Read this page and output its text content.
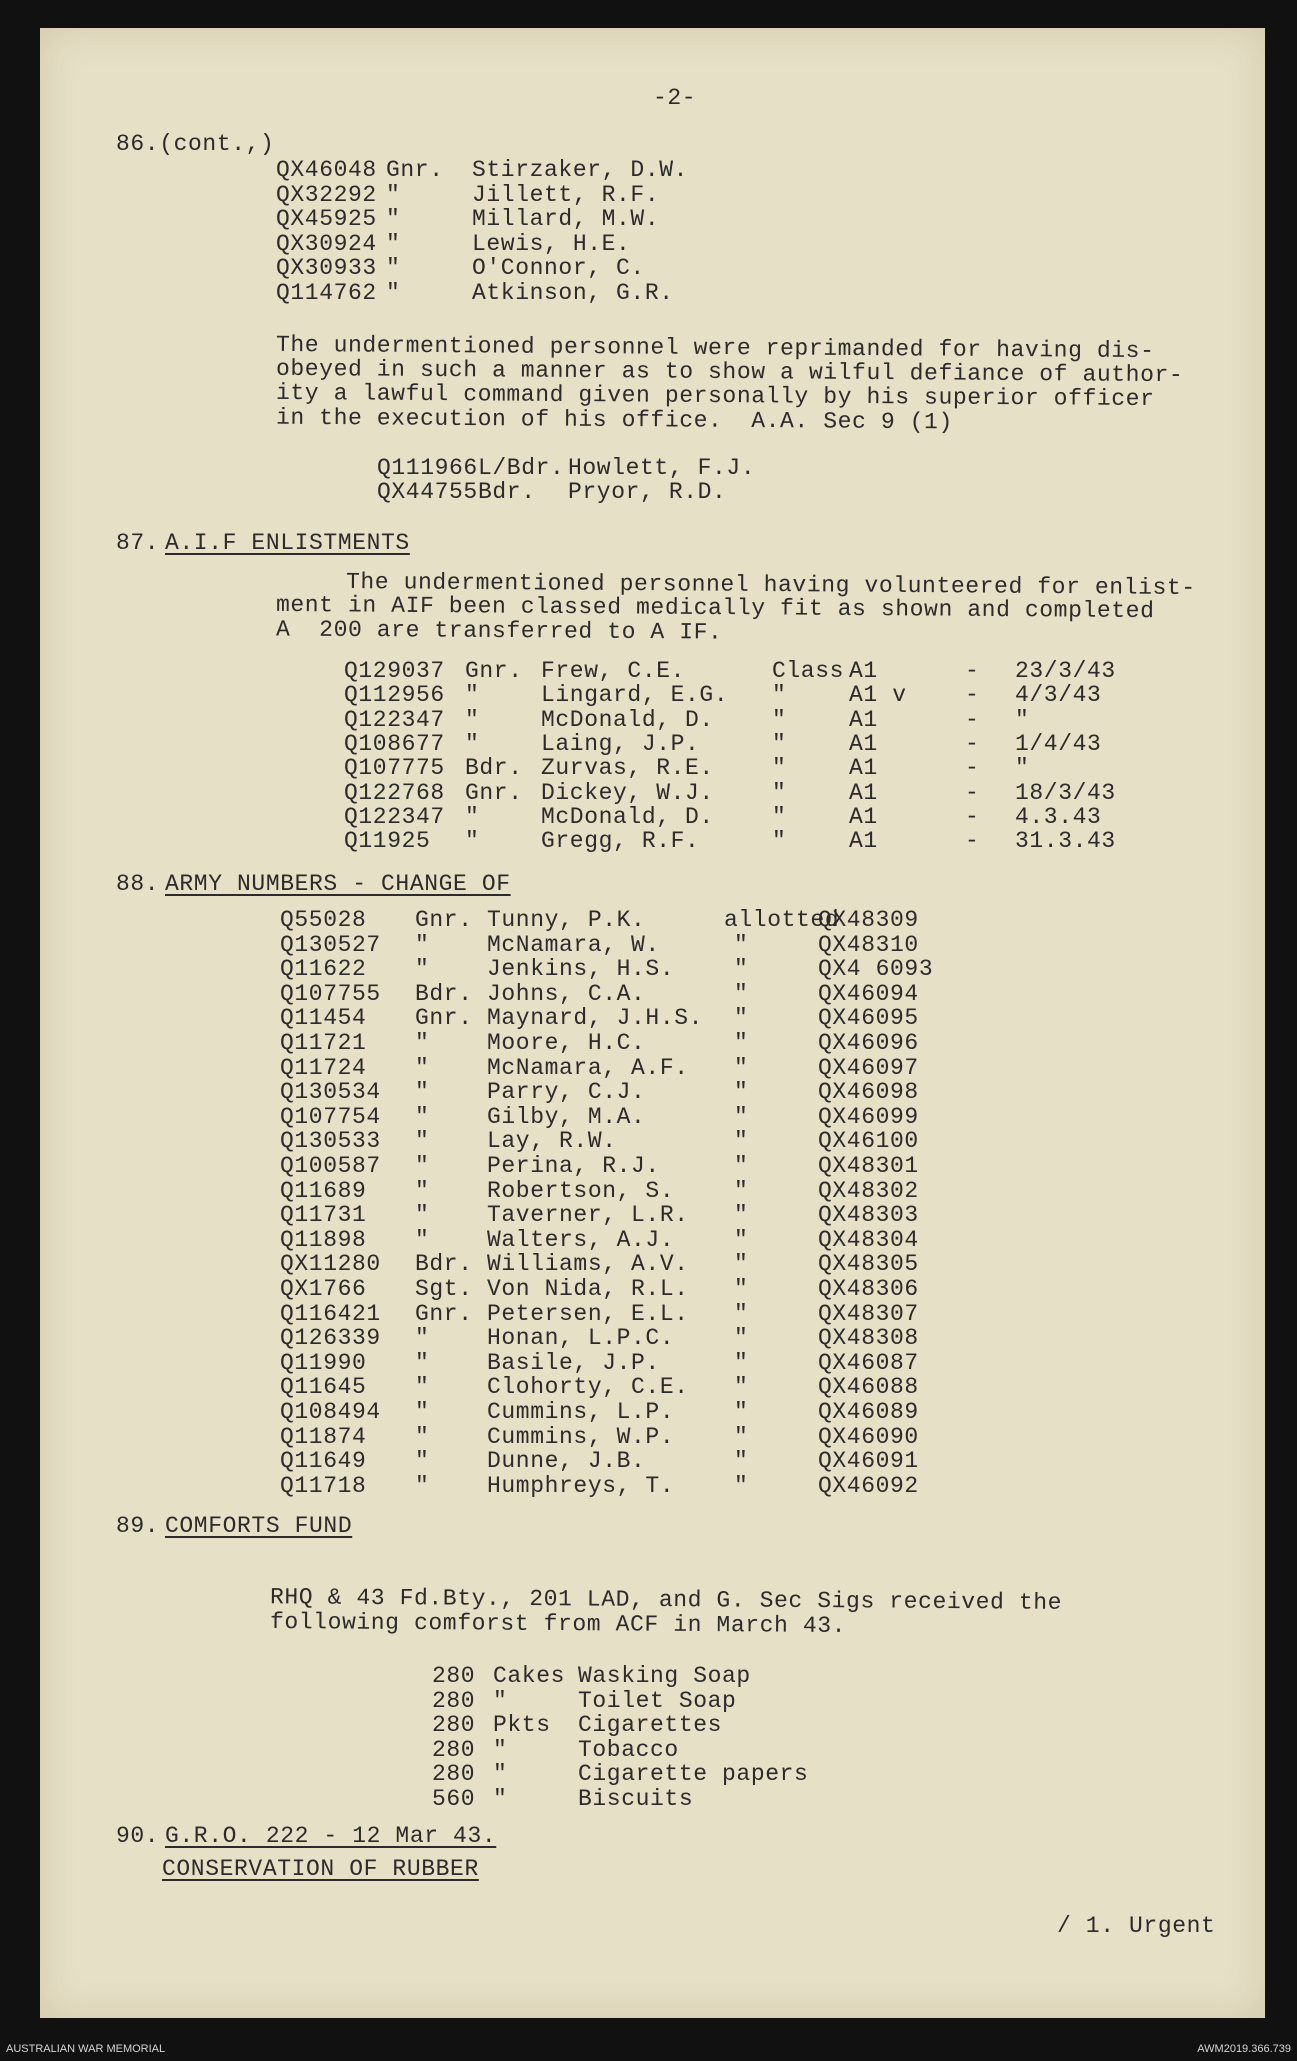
-2-
86.(cont.,)
QX46048 Gnr. Stirzaker, D.W.
QX32292 "	Jillett, R.F.
QX45925 "	Millard, M.W.
QX30924 "	Lewis, H.E.
QX30933 "	O'Connor, C.
Q114762 "	Atkinson, G.R.
The undermentioned personnel were reprimanded for having dis-
obeyed in such a manner as to show a wilful defiance of author-
ity a lawful command given personally by his superior officer
in the execution of his office.  A.A. Sec 9 (1)
Q111966 L/Bdr. Howlett, F.J.
QX44755 Bdr. Pryor, R.D.
87. A.I.F ENLISTMENTS
The undermentioned personnel having volunteered for enlist-
ment in AIF been classed medically fit as shown and completed
A  200 are transferred to A IF.
Q129037 Gnr. Frew, C.E.	Class A1	- 23/3/43
Q112956 "	Lingard, E.G. "	A1 v	- 4/3/43
Q122347 "	McDonald, D.	"	A1	- "
Q108677 "	Laing, J.P.	"	A1	- 1/4/43
Q107775 Bdr. Zurvas, R.E.	"	A1	- "
Q122768 Gnr. Dickey, W.J.	"	A1	- 18/3/43
Q122347 "	McDonald, D.	"	A1	- 4.3.43
Q11925 "	Gregg, R.F.	"	A1	- 31.3.43
88. ARMY NUMBERS - CHANGE OF
allotted
Q55028 Gnr. Tunny, P.K.	QX48309
Q130527 "	McNamara, W.	"	QX48310
Q11622 "	Jenkins, H.S.	"	QX4 6093
Q107755 Bdr. Johns, C.A.	"	QX46094
Q11454 Gnr. Maynard, J.H.S. "	QX46095
Q11721 "	Moore, H.C.	"	QX46096
Q11724 "	McNamara, A.F. "	QX46097
Q130534 "	Parry, C.J.	"	QX46098
Q107754 "	Gilby, M.A.	"	QX46099
Q130533 "	Lay, R.W.	"	QX46100
Q100587 "	Perina, R.J.	"	QX48301
Q11689 "	Robertson, S.	"	QX48302
Q11731 "	Taverner, L.R. "	QX48303
Q11898 "	Walters, A.J.	"	QX48304
QX11280 Bdr. Williams, A.V. "	QX48305
QX1766 Sgt. Von Nida, R.L. "	QX48306
Q116421 Gnr. Petersen, E.L. "	QX48307
Q126339 "	Honan, L.P.C.	"	QX48308
Q11990 "	Basile, J.P.	"	QX46087
Q11645 "	Clohorty, C.E. "	QX46088
Q108494 "	Cummins, L.P.	"	QX46089
Q11874 "	Cummins, W.P.	"	QX46090
Q11649 "	Dunne, J.B.	"	QX46091
Q11718 "	Humphreys, T.	"	QX46092
89. COMFORTS FUND
RHQ & 43 Fd.Bty., 201 LAD, and G. Sec Sigs received the
following comforst from ACF in March 43.
280 Cakes Wasking Soap
280 "	Toilet Soap
280 Pkts Cigarettes
280 "	Tobacco
280 "	Cigarette papers
560 "	Biscuits
90. G.R.O. 222 - 12 Mar 43.
CONSERVATION OF RUBBER
/ 1. Urgent
AUSTRALIAN WAR MEMORIAL	AWM2019.366.739
